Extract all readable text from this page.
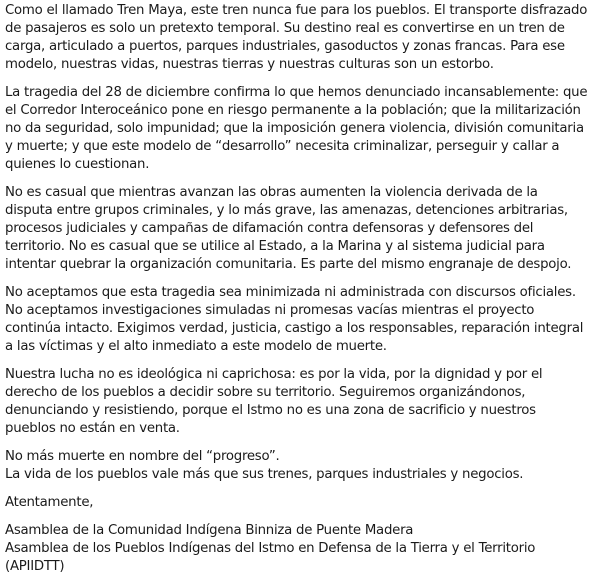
Como el llamado Tren Maya, este tren nunca fue para los pueblos. El transporte disfrazado de pasajeros es solo un pretexto temporal. Su destino real es convertirse en un tren de carga, articulado a puertos, parques industriales, gasoductos y zonas francas. Para ese modelo, nuestras vidas, nuestras tierras y nuestras culturas son un estorbo.

La tragedia del 28 de diciembre confirma lo que hemos denunciado incansablemente: que el Corredor Interoceánico pone en riesgo permanente a la población; que la militarización no da seguridad, solo impunidad; que la imposición genera violencia, división comunitaria y muerte; y que este modelo de “desarrollo” necesita criminalizar, perseguir y callar a quienes lo cuestionan.

No es casual que mientras avanzan las obras aumenten la violencia derivada de la disputa entre grupos criminales, y lo más grave, las amenazas, detenciones arbitrarias, procesos judiciales y campañas de difamación contra defensoras y defensores del territorio. No es casual que se utilice al Estado, a la Marina y al sistema judicial para intentar quebrar la organización comunitaria. Es parte del mismo engranaje de despojo.

No aceptamos que esta tragedia sea minimizada ni administrada con discursos oficiales. No aceptamos investigaciones simuladas ni promesas vacías mientras el proyecto continúa intacto. Exigimos verdad, justicia, castigo a los responsables, reparación integral a las víctimas y el alto inmediato a este modelo de muerte.

Nuestra lucha no es ideológica ni caprichosa: es por la vida, por la dignidad y por el derecho de los pueblos a decidir sobre su territorio. Seguiremos organizándonos, denunciando y resistiendo, porque el Istmo no es una zona de sacrificio y nuestros pueblos no están en venta.

No más muerte en nombre del “progreso”.
La vida de los pueblos vale más que sus trenes, parques industriales y negocios.

Atentamente,

Asamblea de la Comunidad Indígena Binniza de Puente Madera
Asamblea de los Pueblos Indígenas del Istmo en Defensa de la Tierra y el Territorio (APIIDTT)
